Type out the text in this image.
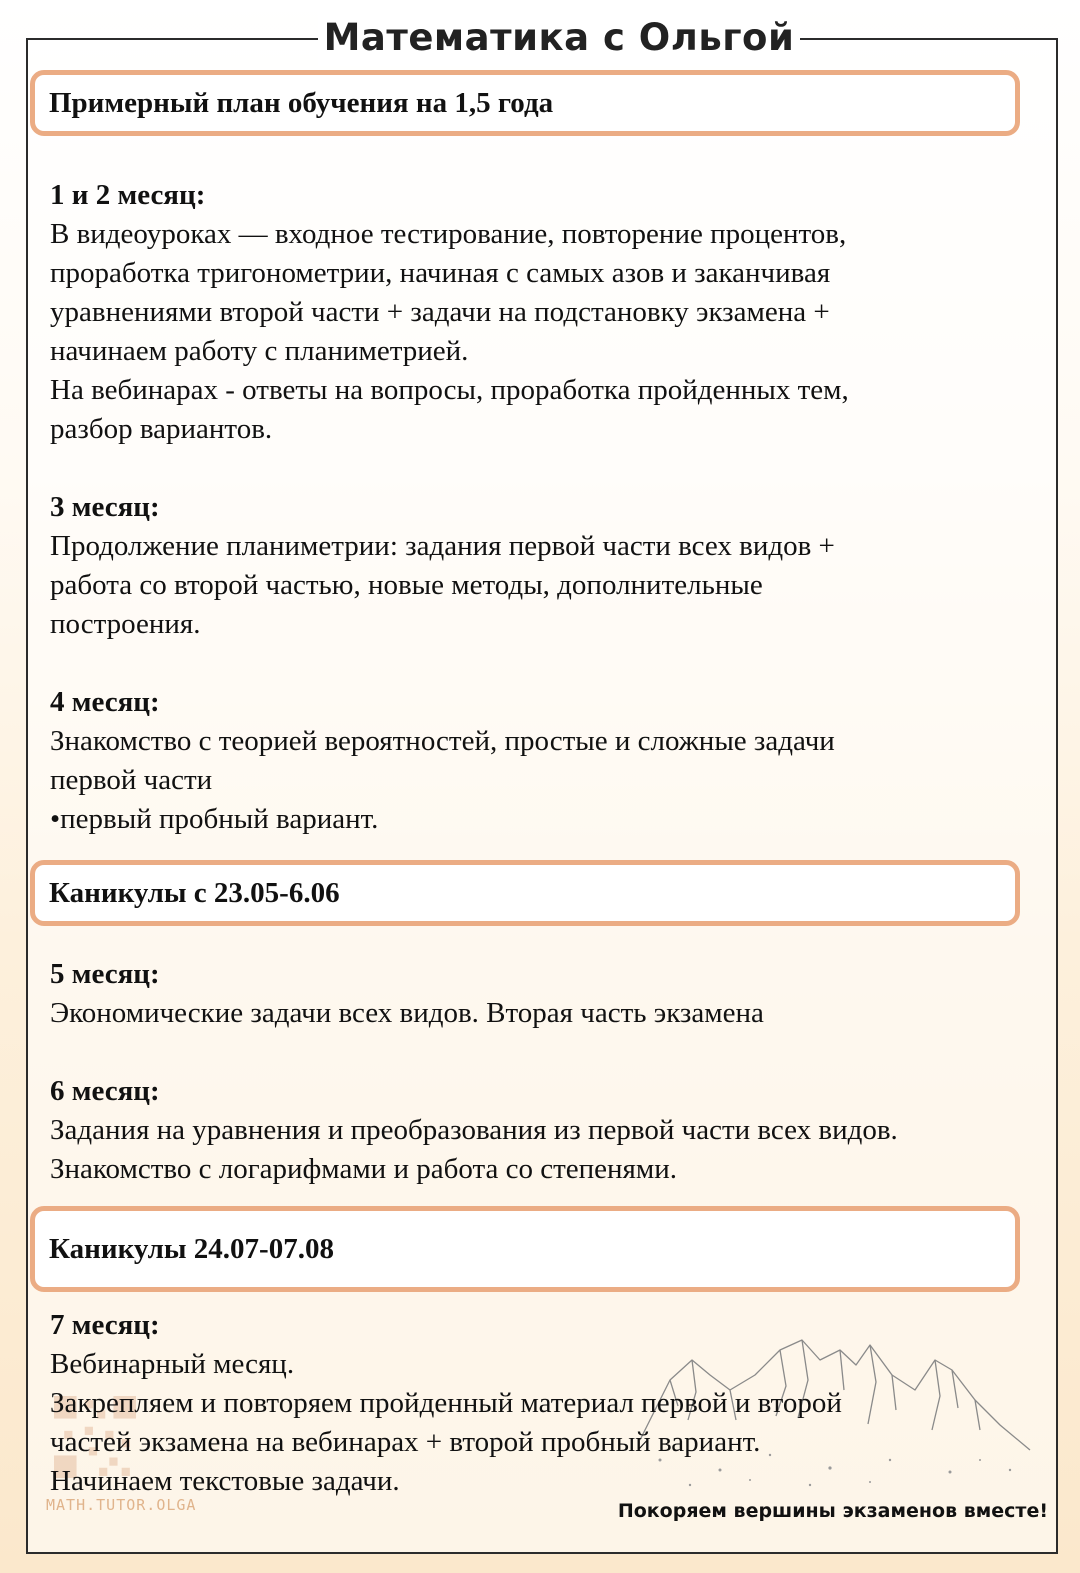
Математика с Ольгой
Примерный план обучения на 1,5 года

1 и 2 месяц:

В видеоуроках — входное тестирование, повторение процентов,

проработка тригонометрии, начиная с самых азов и заканчивая

уравнениями второй части + задачи на подстановку экзамена +

начинаем работу с планиметрией.

На вебинарах - ответы на вопросы, проработка пройденных тем,

разбор вариантов.

3 месяц:

Продолжение планиметрии: задания первой части всех видов +

работа со второй частью, новые методы, дополнительные

построения.

4 месяц:

Знакомство с теорией вероятностей, простые и сложные задачи

первой части

•первый пробный вариант.

Каникулы с 23.05-6.06

5 месяц:

Экономические задачи всех видов. Вторая часть экзамена

6 месяц:

Задания на уравнения и преобразования из первой части всех видов.

Знакомство с логарифмами и работа со степенями.

Каникулы 24.07-07.08

7 месяц:

Вебинарный месяц.

Закрепляем и повторяем пройденный материал первой и второй

частей экзамена на вебинарах + второй пробный вариант.

Начинаем текстовые задачи.

MATH.TUTOR.OLGA	Покоряем вершины экзаменов вместе!
